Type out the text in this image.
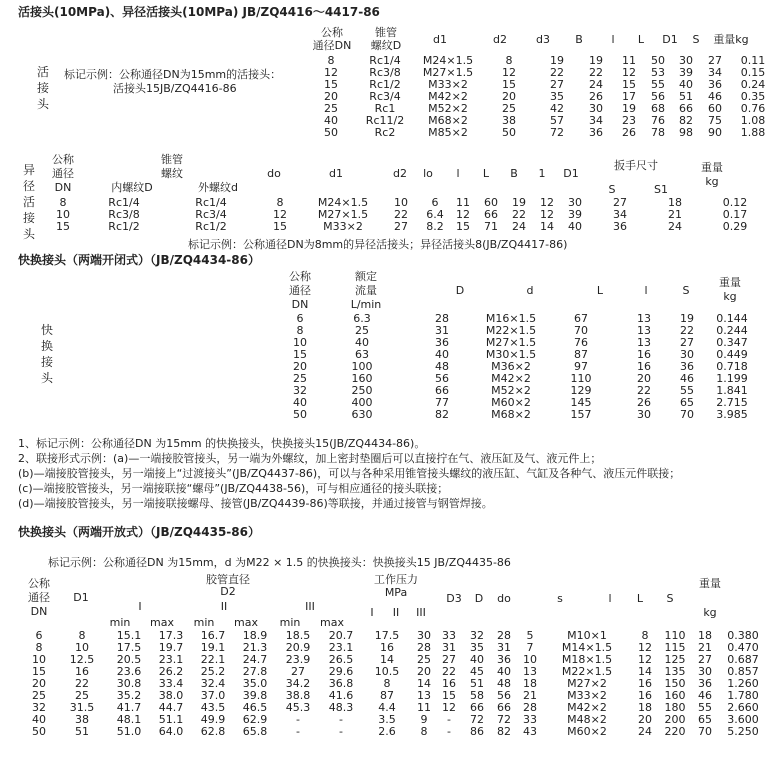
活接头(10MPa)、异径活接头(10MPa) JB/ZQ4416～4417-86
活接头
标记示例：公称通径DN为15mm的活接头：
活接头15JB/ZQ4416-86
公称
通径DN
锥管
螺纹D	d1	d2	d3	B	l	L	D1	S	重量kg
8	Rc1/4	M24×1.5	8	19	19	11	50	30	27	0.11
12	Rc3/8	M27×1.5	12	22	22	12	53	39	34	0.15
15	Rc1/2	M33×2	15	27	24	15	55	40	36	0.24
20	Rc3/4	M42×2	20	35	26	17	56	51	46	0.35
25	Rc1	M52×2	25	42	30	19	68	66	60	0.76
40	Rc11/2	M68×2	38	57	34	23	76	82	75	1.08
50	Rc2	M85×2	50	72	36	26	78	98	90	1.88
异径活接头
公称
通径
DN
锥管
螺纹
内螺纹D	外螺纹d
do	d1	d2	lo	l	L	B	1	D1
扳手尺寸
S	S1
重量
kg
8	Rc1/4	Rc1/4	8	M24×1.5	10	6	11	60	19	12	30	27	18	0.12
10	Rc3/8	Rc3/4	12	M27×1.5	22	6.4	12	66	22	12	39	34	21	0.17
15	Rc1/2	Rc1/2	15	M33×2	27	8.2	15	71	24	14	40	36	24	0.29
标记示例：公称通径DN为8mm的异径活接头；异径活接头8(JB/ZQ4417-86)
快换接头（两端开闭式）（JB/ZQ4434-86）
快换接头
公称
通径
DN
额定
流量
L/min
D	d	L	l	S
重量
kg
6	6.3	28	M16×1.5	67	13	19	0.144
8	25	31	M22×1.5	70	13	22	0.244
10	40	36	M27×1.5	76	13	27	0.347
15	63	40	M30×1.5	87	16	30	0.449
20	100	48	M36×2	97	16	36	0.718
25	160	56	M42×2	110	20	46	1.199
32	250	66	M52×2	129	22	55	1.841
40	400	77	M60×2	145	26	65	2.715
50	630	82	M68×2	157	30	70	3.985
1、标记示例：公称通径DN 为15mm 的快换接头，快换接头15(JB/ZQ4434-86)。
2、联接形式示例：(a)—一端接胶管接头，另一端为外螺纹，加上密封垫圈后可以直接拧在气、液压缸及气、液元件上；
(b)—端接胶管接头，另一端接上“过渡接头”(JB/ZQ4437-86)，可以与各种采用锥管接头螺纹的液压缸、气缸及各种气、液压元件联接；
(c)—端接胶管接头，另一端接联接“螺母”(JB/ZQ4438-56)，可与相应通径的接头联接；
(d)—端接胶管接头，另一端接联接螺母、接管(JB/ZQ4439-86)等联接，并通过接管与钢管焊接。
快换接头（两端开放式）（JB/ZQ4435-86）
标记示例：公称通径DN 为15mm，d 为M22 × 1.5 的快换接头：快换接头15 JB/ZQ4435-86
公称
通径
DN
D1
胶管直径
D2
I	II	III
min	max	min	max	min	max
工作压力
MPa
I	II	III
D3	D	do	s	l	L	S
重量
kg
6	8	15.1	17.3	16.7	18.9	18.5	20.7	17.5	30	33	32	28	5	M10×1	8	110	18	0.380
8	10	17.5	19.7	19.1	21.3	20.9	23.1	16	28	31	35	31	7	M14×1.5	12	115	21	0.470
10	12.5	20.5	23.1	22.1	24.7	23.9	26.5	14	25	27	40	36	10	M18×1.5	12	125	27	0.687
15	16	23.6	26.2	25.2	27.8	27	29.6	10.5	20	22	45	40	13	M22×1.5	14	135	30	0.857
20	22	30.8	33.4	32.4	35.0	34.2	36.8	8	14	16	51	48	18	M27×2	16	150	36	1.260
25	25	35.2	38.0	37.0	39.8	38.8	41.6	87	13	15	58	56	21	M33×2	16	160	46	1.780
32	31.5	41.7	44.7	43.5	46.5	45.3	48.3	4.4	11	12	66	66	28	M42×2	18	180	55	2.660
40	38	48.1	51.1	49.9	62.9	-	-	3.5	9	-	72	72	33	M48×2	20	200	65	3.600
50	51	51.0	64.0	62.8	65.8	-	-	2.6	8	-	86	82	43	M60×2	24	220	70	5.250
